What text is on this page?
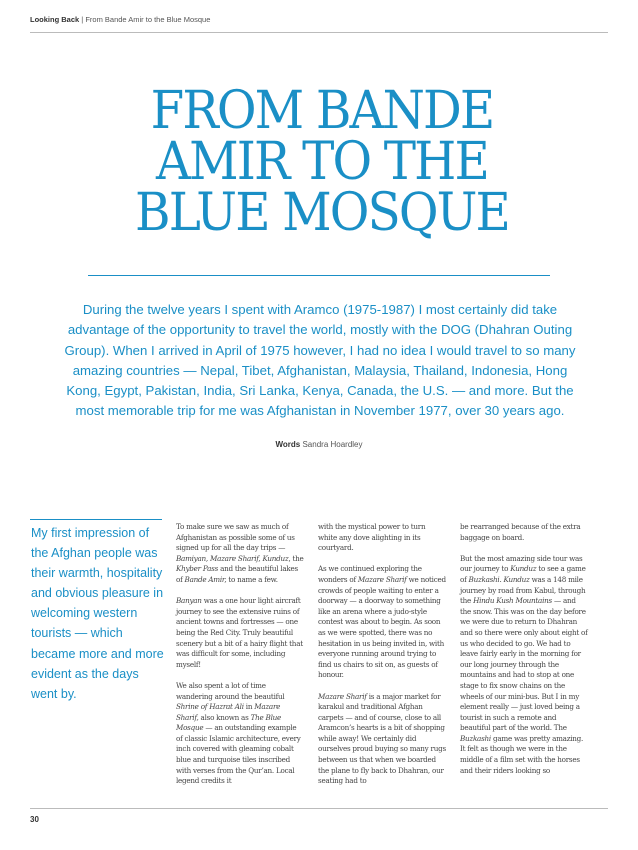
Looking Back | From Bande Amir to the Blue Mosque
FROM BANDE
AMIR TO THE
BLUE MOSQUE

During the twelve years I spent with Aramco (1975-1987) I most certainly did take advantage of the opportunity to travel the world, mostly with the DOG (Dhahran Outing Group). When I arrived in April of 1975 however, I had no idea I would travel to so many amazing countries — Nepal, Tibet, Afghanistan, Malaysia, Thailand, Indonesia, Hong Kong, Egypt, Pakistan, India, Sri Lanka, Kenya, Canada, the U.S. — and more. But the most memorable trip for me was Afghanistan in November 1977, over 30 years ago.

Words Sandra Hoardley

My first impression of the Afghan people was their warmth, hospitality and obvious pleasure in welcoming western tourists — which became more and more evident as the days went by.

To make sure we saw as much of Afghanistan as possible some of us signed up for all the day trips — Bamiyan, Mazare Sharif, Kunduz, the Khyber Pass and the beautiful lakes of Bande Amir, to name a few.

Banyan was a one hour light aircraft journey to see the extensive ruins of ancient towns and fortresses — one being the Red City. Truly beautiful scenery but a bit of a hairy flight that was difficult for some, including myself!

We also spent a lot of time wandering around the beautiful Shrine of Hazrat Ali in Mazare Sharif, also known as The Blue Mosque — an outstanding example of classic Islamic architecture, every inch covered with gleaming cobalt blue and turquoise tiles inscribed with verses from the Qur’an. Local legend credits it

with the mystical power to turn white any dove alighting in its courtyard.

As we continued exploring the wonders of Mazare Sharif we noticed crowds of people waiting to enter a doorway — a doorway to something like an arena where a judo-style contest was about to begin. As soon as we were spotted, there was no hesitation in us being invited in, with everyone running around trying to find us chairs to sit on, as guests of honour.

Mazare Sharif is a major market for karakul and traditional Afghan carpets — and of course, close to all Aramcon’s hearts is a bit of shopping while away! We certainly did ourselves proud buying so many rugs between us that when we boarded the plane to fly back to Dhahran, our seating had to

be rearranged because of the extra baggage on board.

But the most amazing side tour was our journey to Kunduz to see a game of Buzkashi. Kunduz was a 148 mile journey by road from Kabul, through the Hindu Kush Mountains — and the snow. This was on the day before we were due to return to Dhahran and so there were only about eight of us who decided to go. We had to leave fairly early in the morning for our long journey through the mountains and had to stop at one stage to fix snow chains on the wheels of our mini-bus. But I in my element really — just loved being a tourist in such a remote and beautiful part of the world. The Buzkashi game was pretty amazing. It felt as though we were in the middle of a film set with the horses and their riders looking so

30
